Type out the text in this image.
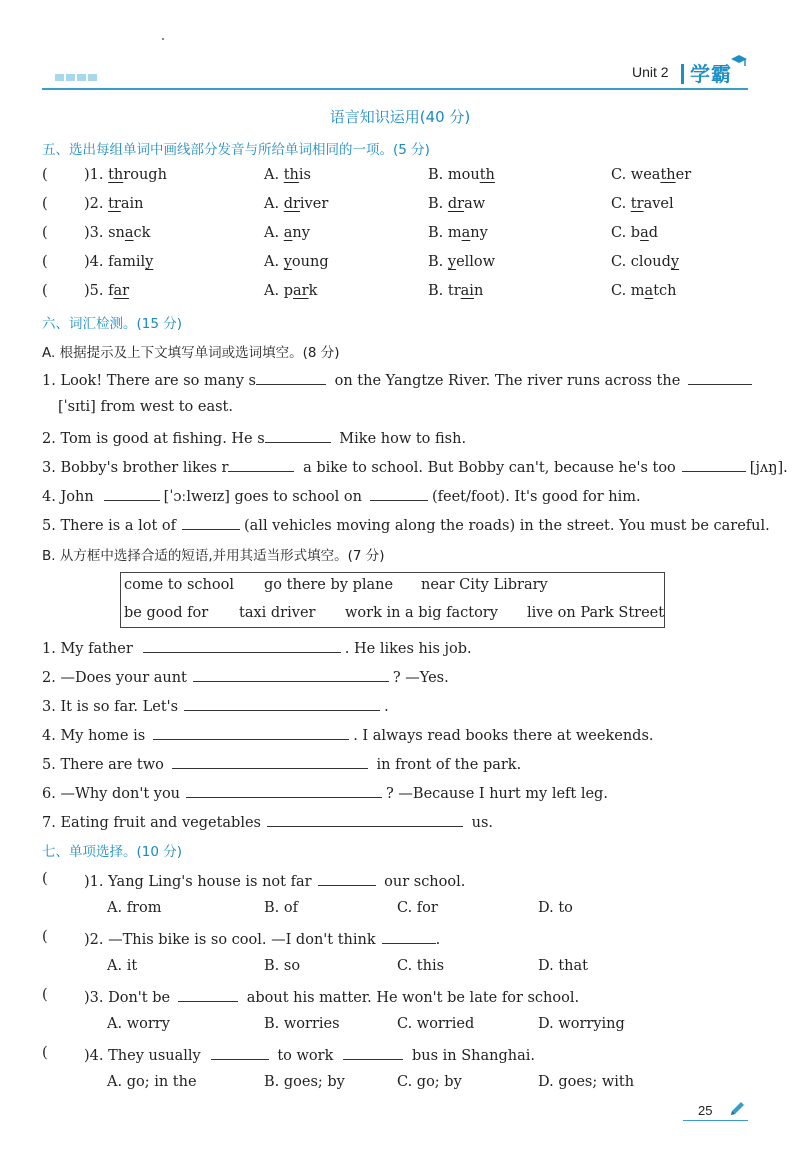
Unit 2 学霸
语言知识运用(40 分)
五、选出每组单词中画线部分发音与所给单词相同的一项。(5 分)
(	)1. through	A. this	B. mouth	C. weather
(	)2. train	A. driver	B. draw	C. travel
(	)3. snack	A. any	B. many	C. bad
(	)4. family	A. young	B. yellow	C. cloudy
(	)5. far	A. park	B. train	C. match
六、词汇检测。(15 分)
A. 根据提示及上下文填写单词或选词填空。(8 分)
1. Look! There are so many s	on the Yangtze River. The river runs across the
[ˈsɪti] from west to east.
2. Tom is good at fishing. He s	Mike how to fish.
3. Bobby's brother likes r	a bike to school. But Bobby can't, because he's too	[jʌŋ].
4. John	[ˈɔːlweɪz] goes to school on	(feet/foot). It's good for him.
5. There is a lot of	(all vehicles moving along the roads) in the street. You must be careful.
B. 从方框中选择合适的短语,并用其适当形式填空。(7 分)
come to school go there by plane near City Library
be good for taxi driver work in a big factory live on Park Street
1. My father	. He likes his job.
2. —Does your aunt	? —Yes.
3. It is so far. Let's	.
4. My home is	. I always read books there at weekends.
5. There are two	in front of the park.
6. —Why don't you	? —Because I hurt my left leg.
7. Eating fruit and vegetables	us.
七、单项选择。(10 分)
(	)1. Yang Ling's house is not far	our school.
A. from	B. of	C. for	D. to
(	)2. —This bike is so cool. —I don't think	.
A. it	B. so	C. this	D. that
(	)3. Don't be	about his matter. He won't be late for school.
A. worry	B. worries	C. worried	D. worrying
(	)4. They usually	to work	bus in Shanghai.
A. go; in the	B. goes; by	C. go; by	D. goes; with
25
